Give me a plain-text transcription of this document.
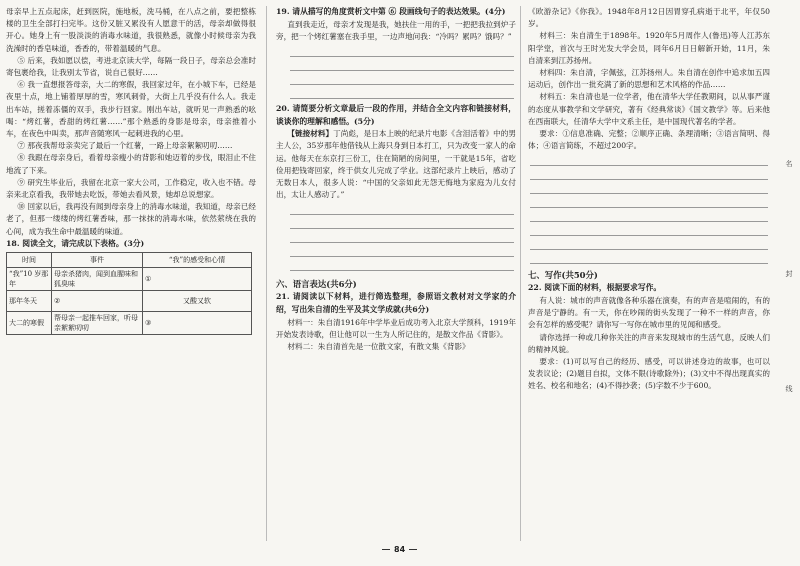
母亲早上五点起床，赶到医院，施地板，洗马桶，在八点之前，要把整栋楼的卫生全部打扫完毕。这份又脏又累没有人愿意干的活，母亲却做得很开心。她身上有一股淡淡的消毒水味道，我很熟悉，就像小时候母亲为我洗澡时的香皂味道，香香的，带着温暖的气息。

⑤ 后来，我如愿以偿，考进北京读大学，每隔一段日子，母亲总会准时寄包裹给我，让我别太节省，说自己很好……

⑥ 我一直想报答母亲，大二的寒假，我回家过年，在小城下车，已经是夜里十点，地上铺着厚厚的雪，寒风刺骨，大街上几乎没有什么人。我走出车站，搓着冻僵的双手，我步行回家。刚出车站，就听见一声熟悉的吆喝：“烤红薯，香甜的烤红薯……”那个熟悉的身影是母亲，母亲推着小车，在夜色中叫卖，那声音随寒风一起刺进我的心里。

⑦ 那夜我帮母亲卖完了最后一个红薯，一路上母亲絮絮叨叨……

⑧ 我跟在母亲身后，看着母亲瘦小的背影和她迈着的步伐，眼泪止不住地流了下来。

⑨ 研究生毕业后，我留在北京一家大公司，工作稳定，收入也不错。母亲来北京看我，我带她去吃饭，带她去看风景，她却总说想家。

⑩ 回家以后，我再没有闻到母亲身上的消毒水味道，我知道，母亲已经老了，但那一缕缕的烤红薯香味，那一抹抹的消毒水味，依然萦绕在我的心间，成为我生命中最温暖的味道。

18. 阅读全文，请完成以下表格。(3分)

时间	事件	“我”的感受和心情
“我”10 岁那年	母亲杀猪肉，闻到血腥味和狐臭味	①
那年冬天	②	又酸又软
大二的寒假	帮母亲一起推车回家，听母亲絮絮叨叨	③

19. 请从描写的角度赏析文中第 ⑥ 段画线句子的表达效果。(4分)

直到我走近，母亲才发现是我，她扶住一用的手，一把把我拉到炉子旁，把一个烤红薯塞在我手里，一边声地问我：“冷吗？累吗？饿吗？”

20. 请简要分析文章最后一段的作用，并结合全文内容和链接材料，谈谈你的理解和感悟。(5分)

【链接材料】丁尚彪，是日本上映的纪录片电影《含泪活着》中的男主人公，35岁那年他借钱从上海只身到日本打工，只为改变一家人的命运。他每天在东京打三份工，住在简陋的房间里，一干就是15年，省吃俭用把钱寄回家，终于供女儿完成了学业。这部纪录片上映后，感动了无数日本人，很多人说：“中国的父亲如此无怨无悔地为家庭为儿女付出，太让人感动了。”

六、语言表达(共6分)

21. 请阅读以下材料，进行筛选整理，参照语文教材对文学家的介绍，写出朱自清的生平及其文学成就(共6分)

材料一：朱自清1916年中学毕业后成功考入北京大学预科，1919年开始发表诗歌，但让他可以一生为人所记住的，是散文作品《背影》。

材料二：朱自清首先是一位散文家，有散文集《背影》

《欧游杂记》《你我》。1948年8月12日因胃穿孔病逝于北平，年仅50岁。

材料三：朱自清生于1898年。1920年5月周作人(鲁迅)等人江苏东阳学堂，首次与王时光发大学会员，同年6月日日解新开始，11月，朱自清来到江苏扬州。

材料四：朱自清，字佩弦，江苏扬州人。朱自清在创作中追求加五四运动后，创作出一批充满了新的思想和艺术风格的作品……

材料五：朱自清也是一位学者，他在清华大学任教期间，以从事严谨的态度从事教学和文学研究，著有《经典常谈》《国文教学》等。后来他在西南联大，任清华大学中文系主任，是中国现代著名的学者。

要求：①信息准确、完整；②顺序正确、条理清晰；③语言简明、得体；④语言简练，不超过200字。

七、写作(共50分)

22. 阅读下面的材料，根据要求写作。

有人说：城市的声音就像各种乐器在演奏，有的声音是喧闹的，有的声音是宁静的。有一天，你在吵闹的街头发现了一种不一样的声音，你会有怎样的感受呢？请你写一写你在城市里的见闻和感受。

请你选择一种或几种你关注的声音来发现城市的生活气息，反映人们的精神风貌。

要求：(1)可以写自己的经历、感受，可以讲述身边的故事，也可以发表议论；(2)题目自拟，文体不限(诗歌除外)；(3)文中不得出现真实的姓名、校名和地名；(4)不得抄袭；(5)字数不少于600。

名
封
线
84
